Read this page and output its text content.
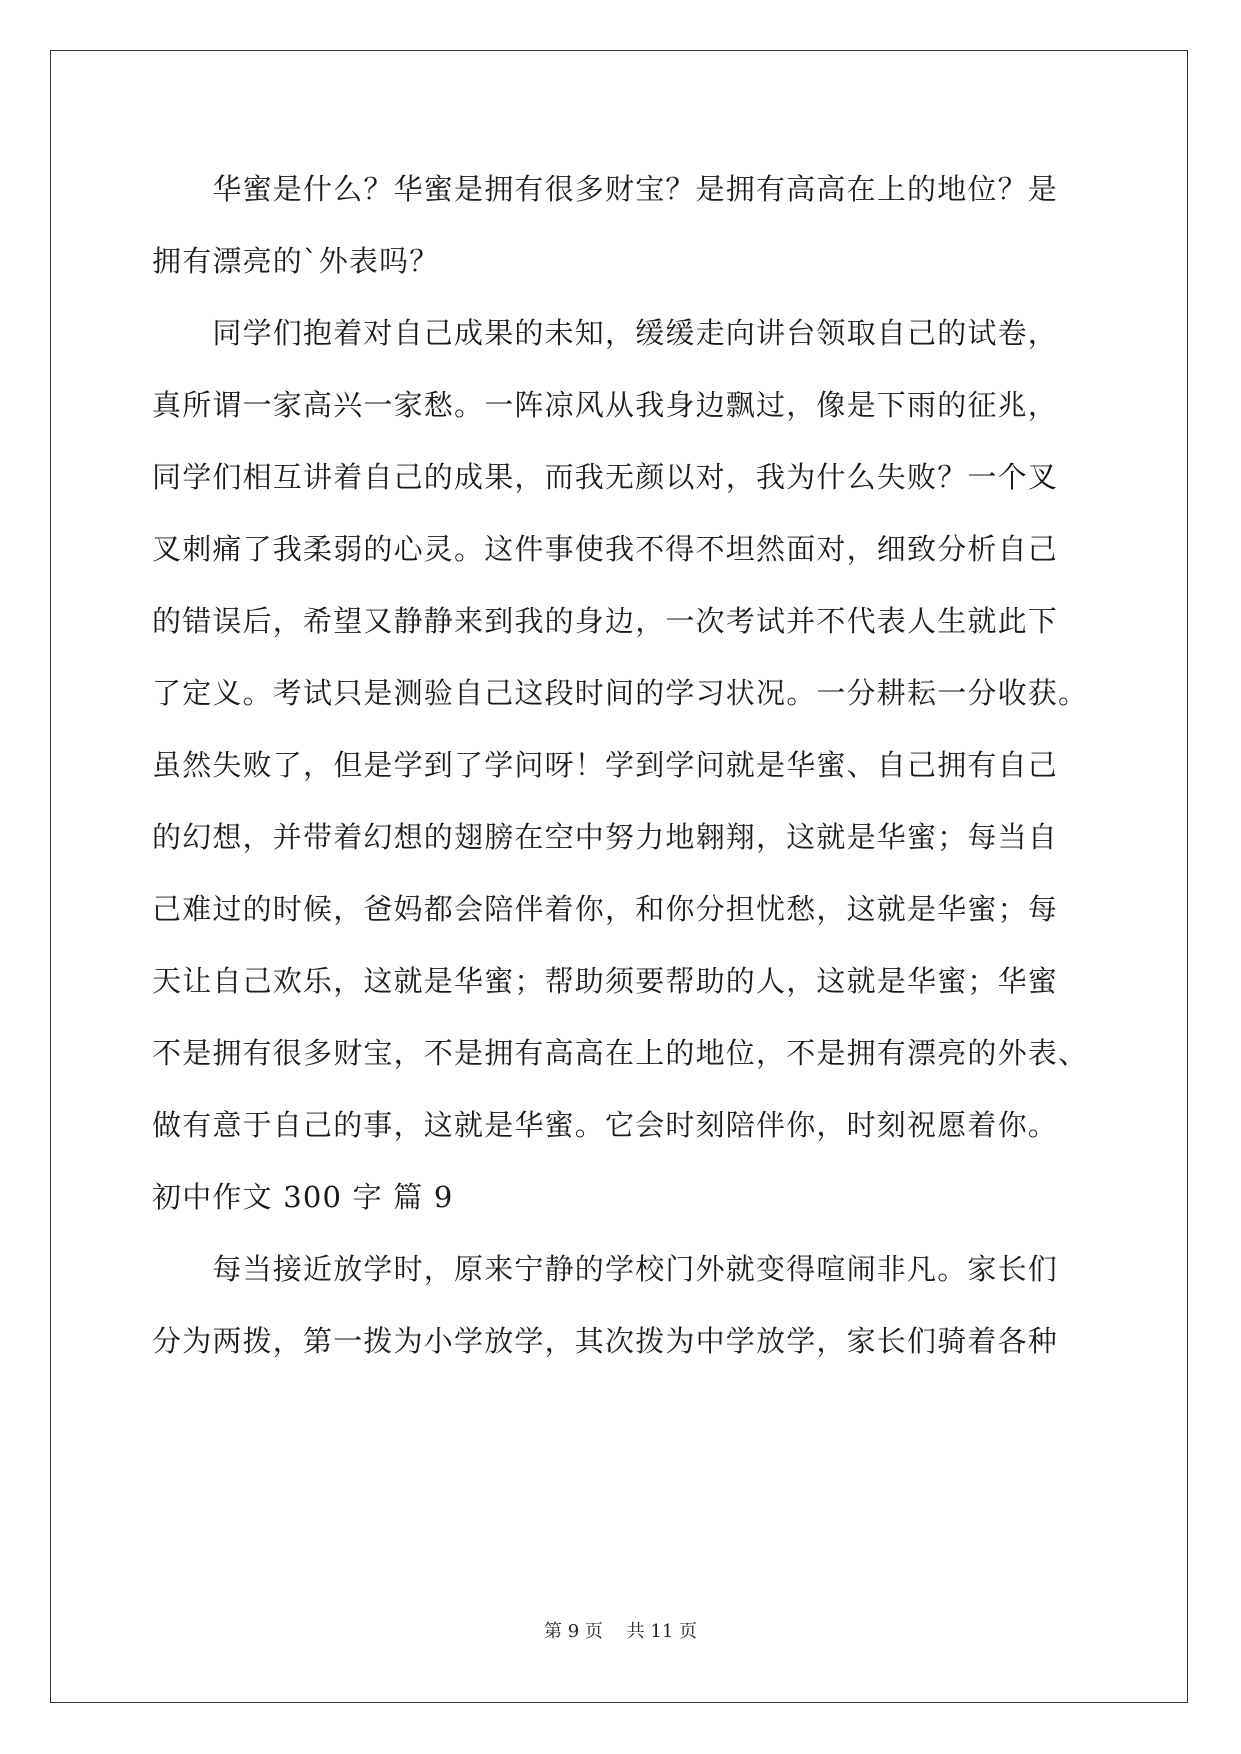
　　华蜜是什么？华蜜是拥有很多财宝？是拥有高高在上的地位？是
拥有漂亮的`外表吗？
　　同学们抱着对自己成果的未知，缓缓走向讲台领取自己的试卷，
真所谓一家高兴一家愁。一阵凉风从我身边飘过，像是下雨的征兆，
同学们相互讲着自己的成果，而我无颜以对，我为什么失败？一个叉
叉刺痛了我柔弱的心灵。这件事使我不得不坦然面对，细致分析自己
的错误后，希望又静静来到我的身边，一次考试并不代表人生就此下
了定义。考试只是测验自己这段时间的学习状况。一分耕耘一分收获。
虽然失败了，但是学到了学问呀！学到学问就是华蜜、自己拥有自己
的幻想，并带着幻想的翅膀在空中努力地翱翔，这就是华蜜；每当自
己难过的时候，爸妈都会陪伴着你，和你分担忧愁，这就是华蜜；每
天让自己欢乐，这就是华蜜；帮助须要帮助的人，这就是华蜜；华蜜
不是拥有很多财宝，不是拥有高高在上的地位，不是拥有漂亮的外表、
做有意于自己的事，这就是华蜜。它会时刻陪伴你，时刻祝愿着你。
初中作文 300 字 篇 9
　　每当接近放学时，原来宁静的学校门外就变得喧闹非凡。家长们
分为两拨，第一拨为小学放学，其次拨为中学放学，家长们骑着各种
第 9 页 共 11 页
